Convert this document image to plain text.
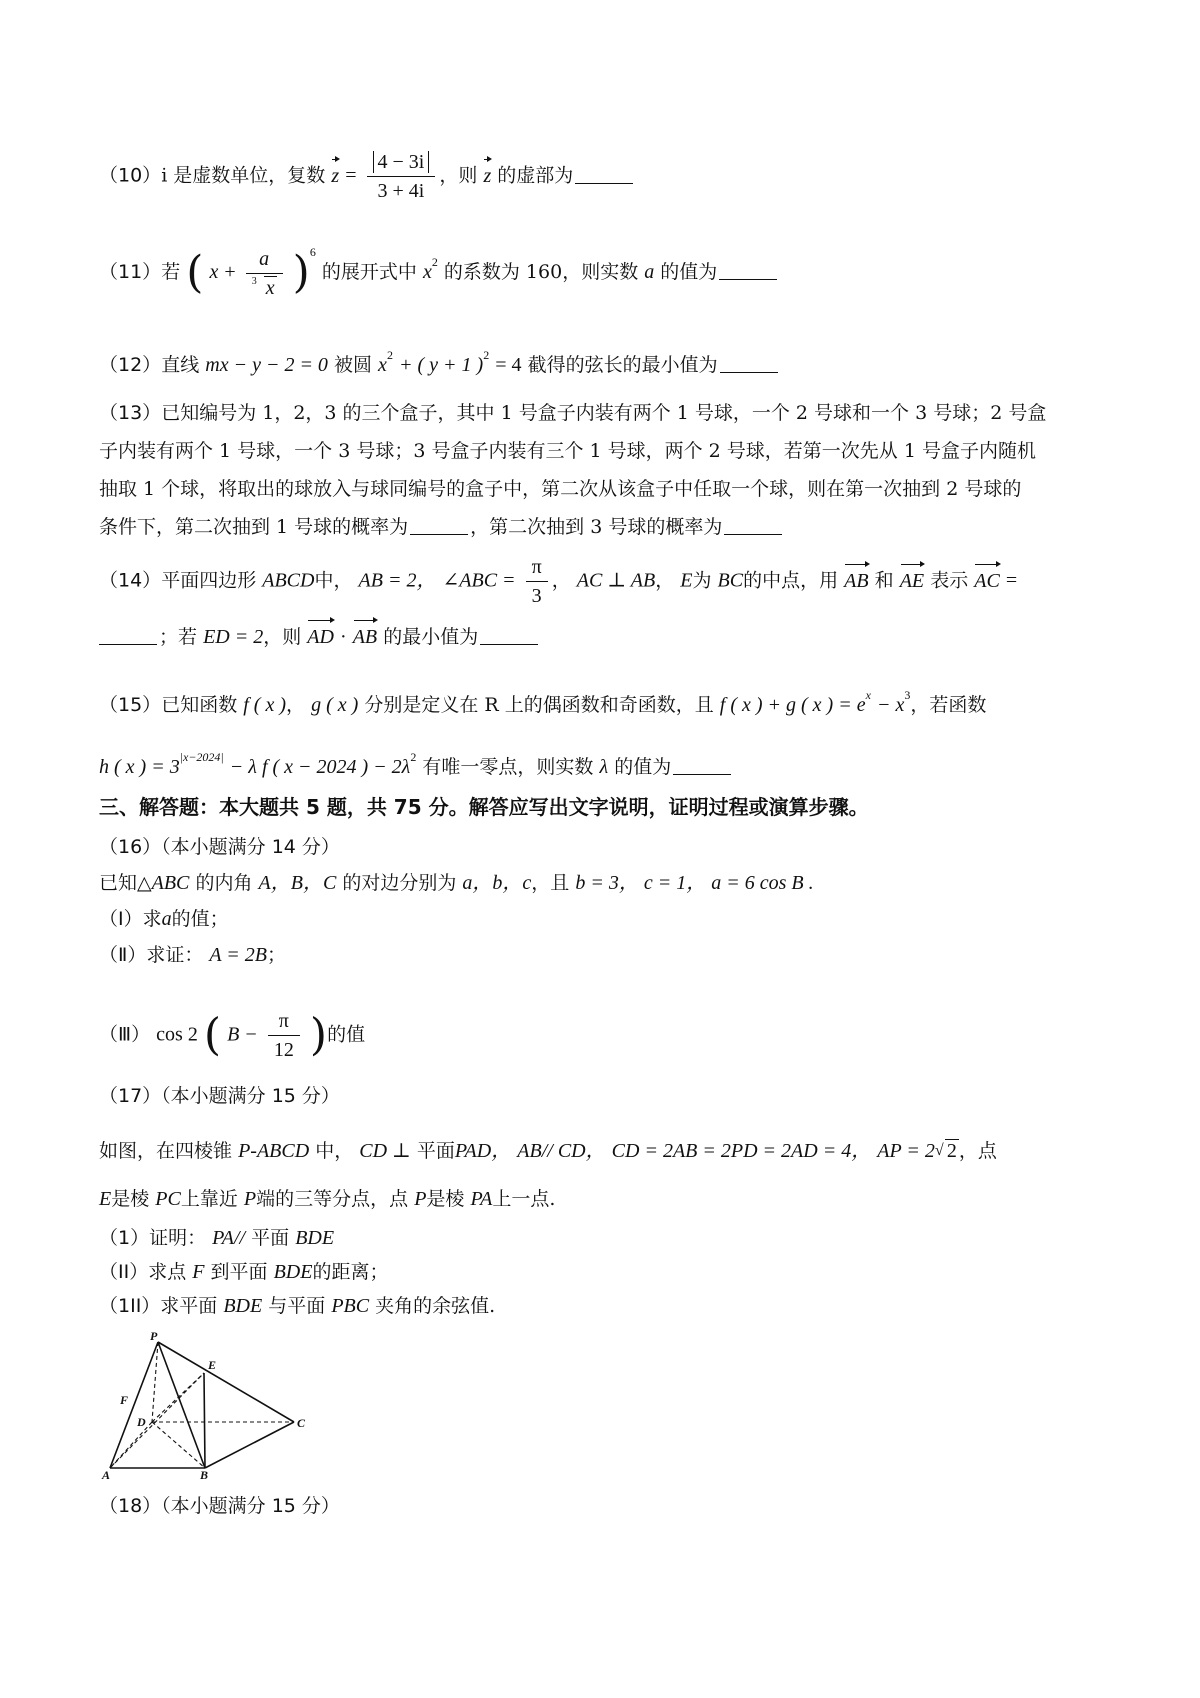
（10）i 是虚数单位，复数 $z = \frac{4 - 3i}{3 + 4i}$ ，则 z 的虚部为
（11）若 ( $x + \frac{a}{3 x} )^6$ 的展开式中 $x^2$ 的系数为 160，则实数 a 的值为
（12）直线 mx − y − 2 = 0 被圆 $x^2$ + ( y + 1 )$^2$ = 4 截得的弦长的最小值为
（13）已知编号为 1，2，3 的三个盒子，其中 1 号盒子内装有两个 1 号球，一个 2 号球和一个 3 号球；2 号盒
子内装有两个 1 号球，一个 3 号球；3 号盒子内装有三个 1 号球，两个 2 号球，若第一次先从 1 号盒子内随机
抽取 1 个球，将取出的球放入与球同编号的盒子中，第二次从该盒子中任取一个球，则在第一次抽到 2 号球的
条件下，第二次抽到 1 号球的概率为	，第二次抽到 3 号球的概率为
（14）平面四边形 ABCD中， AB = 2， ∠ABC = $\frac{\pi}{3}$ ， AC ⊥ AB， E为 BC的中点，用 AB 和 AE 表示 AC =
；若 ED = 2，则 AD · AB 的最小值为
（15）已知函数 f ( x )， g ( x ) 分别是定义在 R 上的偶函数和奇函数，且 f ( x ) + g ( x ) = $e^x - x^3$，若函数
h ( x ) = $3^{|x-2024|} - \lambda$ f ( x − 2024 ) − $2\lambda^2$ 有唯一零点，则实数 λ 的值为
三、解答题：本大题共 5 题，共 75 分。解答应写出文字说明，证明过程或演算步骤。
（16）（本小题满分 14 分）
已知△ABC 的内角 A，B，C 的对边分别为 a，b，c，且 b = 3， c = 1， a = 6 cos B .
（Ⅰ）求a的值；
（Ⅱ）求证： A = 2B；
（Ⅲ） cos 2 ( $B - \frac{\pi}{12}$ )的值
（17）（本小题满分 15 分）
如图，在四棱锥 P-ABCD 中， CD ⊥ 平面PAD， AB// CD， CD = 2AB = 2PD = 2AD = 4， AP = 2 √ 2 ，点
E是棱 PC上靠近 P端的三等分点，点 P是棱 PA上一点.
（1）证明： PA// 平面 BDE
（II）求点 F 到平面 BDE的距离；
（1II）求平面 BDE 与平面 PBC 夹角的余弦值.
P
E
F
D	C
A	B
（18）（本小题满分 15 分）
